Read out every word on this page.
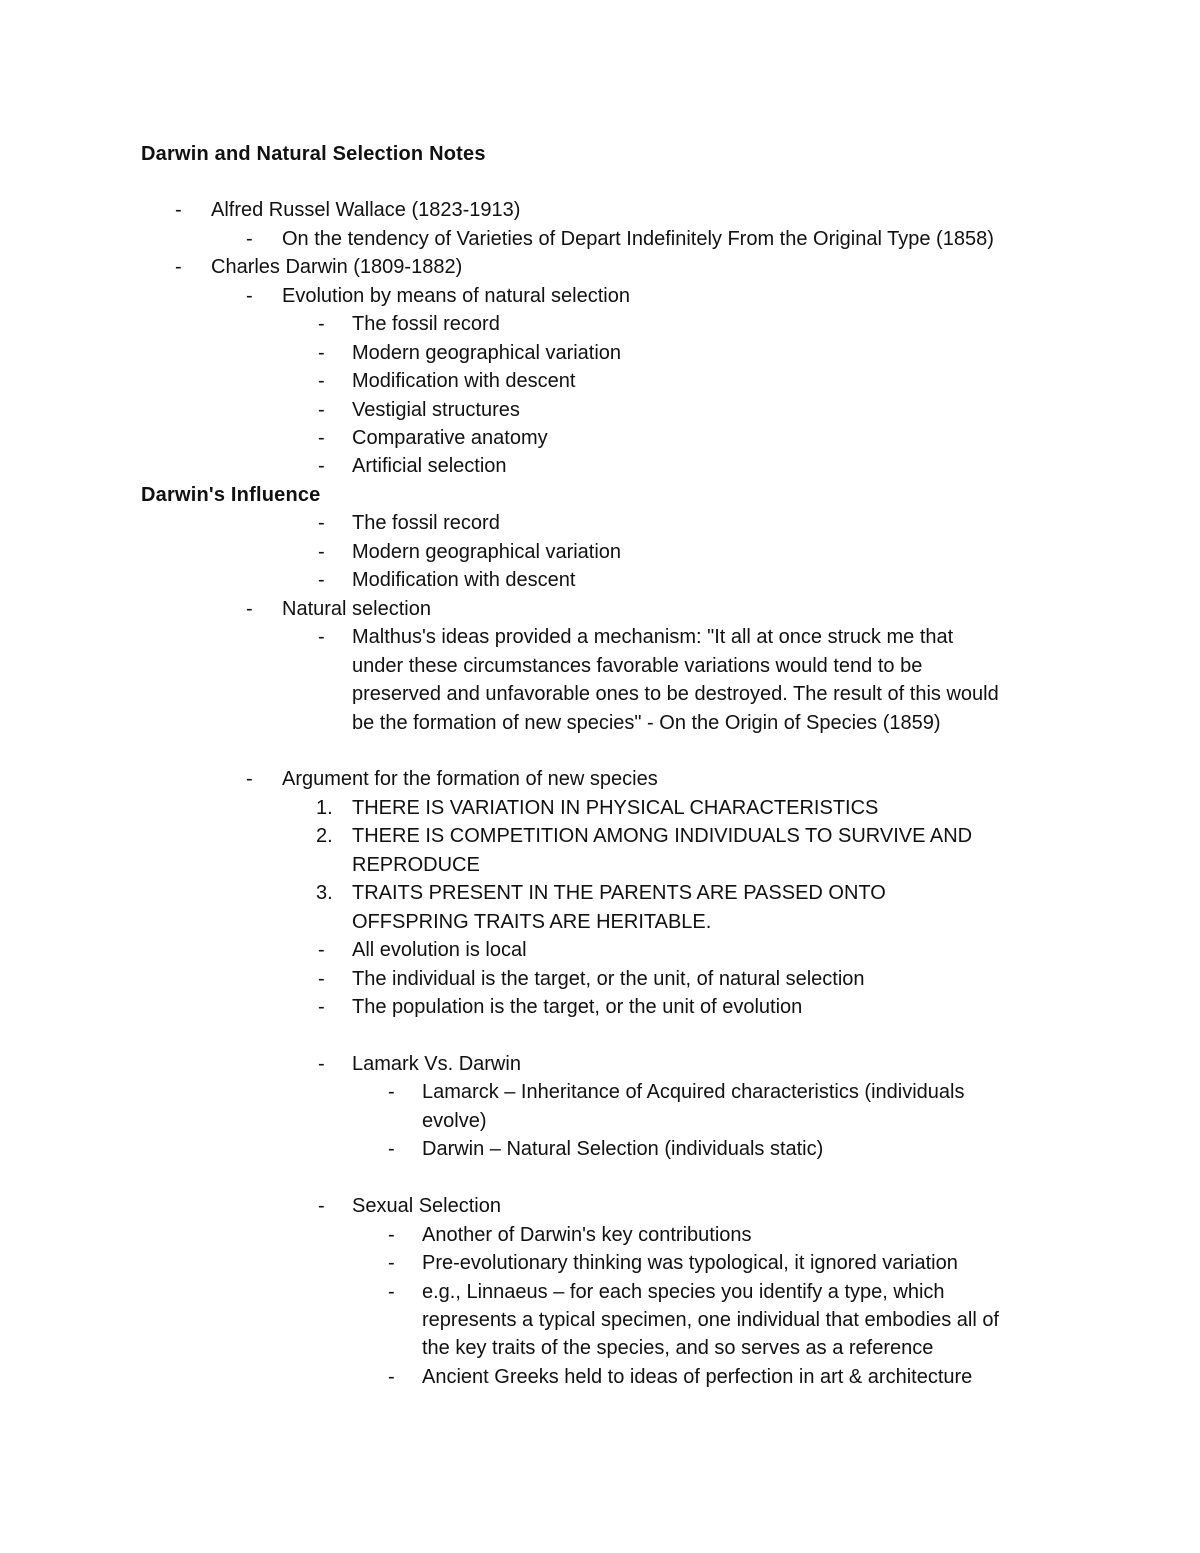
Darwin and Natural Selection Notes
- Alfred Russel Wallace (1823-1913)
- On the tendency of Varieties of Depart Indefinitely From the Original Type (1858)
- Charles Darwin (1809-1882)
- Evolution by means of natural selection
- The fossil record
- Modern geographical variation
- Modification with descent
- Vestigial structures
- Comparative anatomy
- Artificial selection
Darwin's Influence
- The fossil record
- Modern geographical variation
- Modification with descent
- Natural selection
- Malthus's ideas provided a mechanism: "It all at once struck me that
under these circumstances favorable variations would tend to be
preserved and unfavorable ones to be destroyed. The result of this would
be the formation of new species" - On the Origin of Species (1859)
- Argument for the formation of new species
1. THERE IS VARIATION IN PHYSICAL CHARACTERISTICS
2. THERE IS COMPETITION AMONG INDIVIDUALS TO SURVIVE AND
REPRODUCE
3. TRAITS PRESENT IN THE PARENTS ARE PASSED ONTO
OFFSPRING TRAITS ARE HERITABLE.
- All evolution is local
- The individual is the target, or the unit, of natural selection
- The population is the target, or the unit of evolution
- Lamark Vs. Darwin
- Lamarck – Inheritance of Acquired characteristics (individuals
evolve)
- Darwin – Natural Selection (individuals static)
- Sexual Selection
- Another of Darwin's key contributions
- Pre-evolutionary thinking was typological, it ignored variation
- e.g., Linnaeus – for each species you identify a type, which
represents a typical specimen, one individual that embodies all of
the key traits of the species, and so serves as a reference
- Ancient Greeks held to ideas of perfection in art & architecture
